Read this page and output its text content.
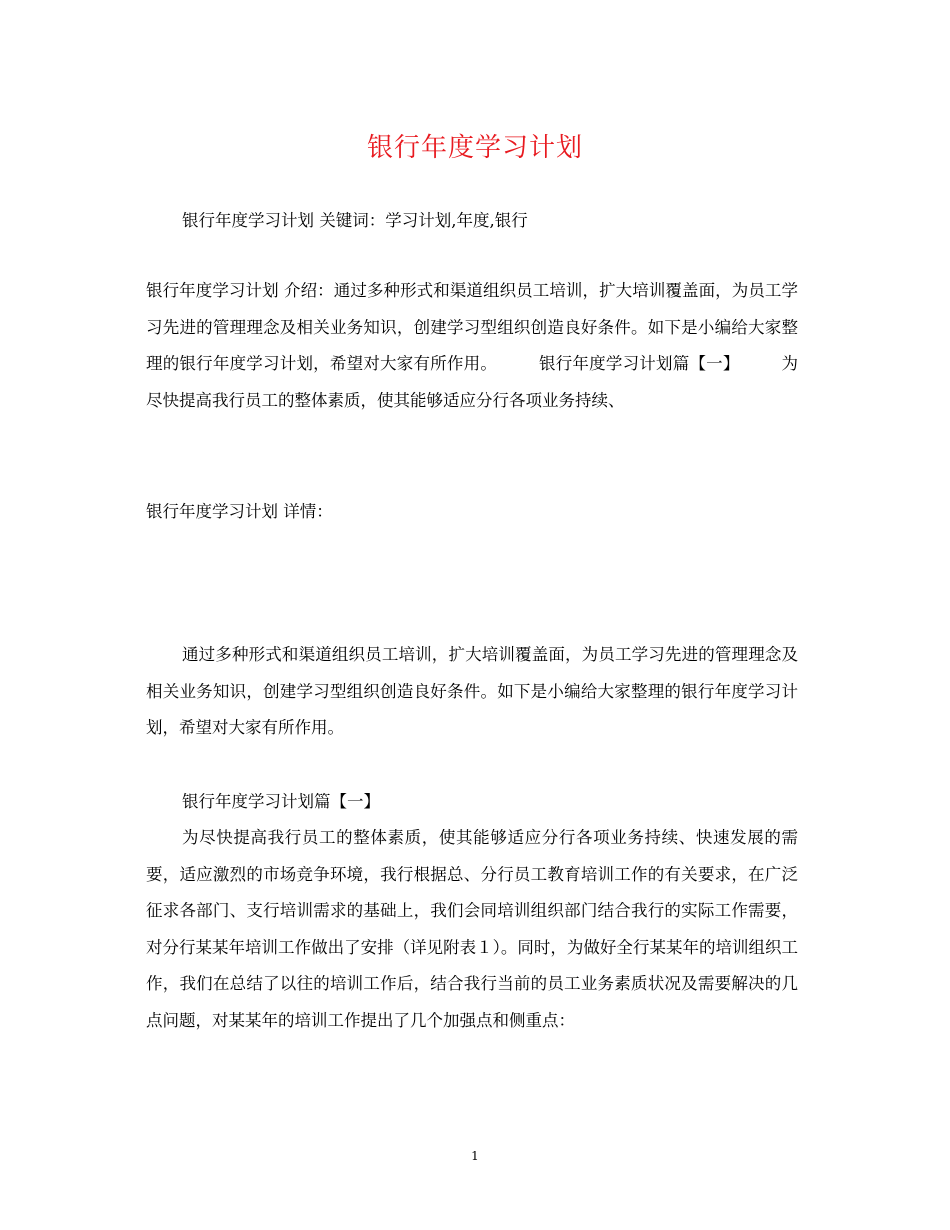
银行年度学习计划

银行年度学习计划 关键词：学习计划,年度,银行

银行年度学习计划 介绍：通过多种形式和渠道组织员工培训，扩大培训覆盖面，为员工学习先进的管理理念及相关业务知识，创建学习型组织创造良好条件。如下是小编给大家整理的银行年度学习计划，希望对大家有所作用。　　　银行年度学习计划篇【一】　　　为尽快提高我行员工的整体素质，使其能够适应分行各项业务持续、

银行年度学习计划 详情：

通过多种形式和渠道组织员工培训，扩大培训覆盖面，为员工学习先进的管理理念及相关业务知识，创建学习型组织创造良好条件。如下是小编给大家整理的银行年度学习计划，希望对大家有所作用。

银行年度学习计划篇【一】

为尽快提高我行员工的整体素质，使其能够适应分行各项业务持续、快速发展的需要，适应激烈的市场竞争环境，我行根据总、分行员工教育培训工作的有关要求，在广泛征求各部门、支行培训需求的基础上，我们会同培训组织部门结合我行的实际工作需要，对分行某某年培训工作做出了安排（详见附表１）。同时，为做好全行某某年的培训组织工作，我们在总结了以往的培训工作后，结合我行当前的员工业务素质状况及需要解决的几点问题，对某某年的培训工作提出了几个加强点和侧重点：

1
